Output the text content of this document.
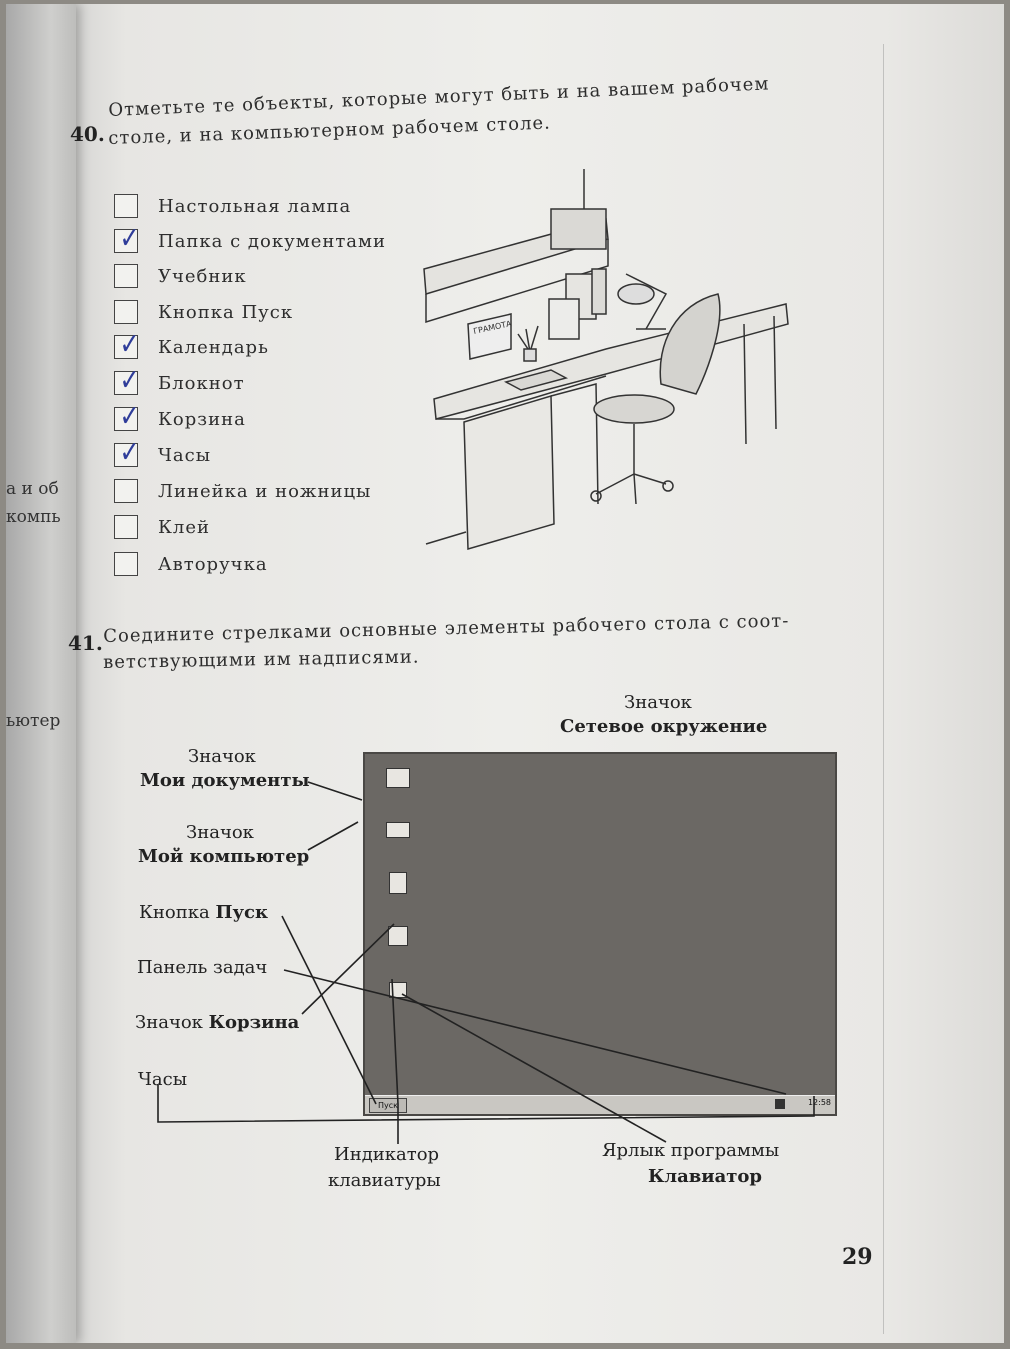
а и об
компь
ьютер
40.
Отметьте те объекты, которые могут быть и на вашем рабочем
столе, и на компьютерном рабочем столе.
Настольная лампа
✓ Папка с документами
Учебник
Кнопка Пуск
✓ Календарь
✓ Блокнот
✓ Корзина
✓ Часы
Линейка и ножницы
Клей
Авторучка
ГРАМОТА
41. Соедините стрелками основные элементы рабочего стола с соот-
ветствующими им надписями.
Значок
Сетевое окружение
Значок
Мои документы
Значок
Мой компьютер
Кнопка Пуск
Панель задач
Значок Корзина
Часы
Индикатор
клавиатуры
Ярлык программы
Клавиатор
Пуск	12:58
29
